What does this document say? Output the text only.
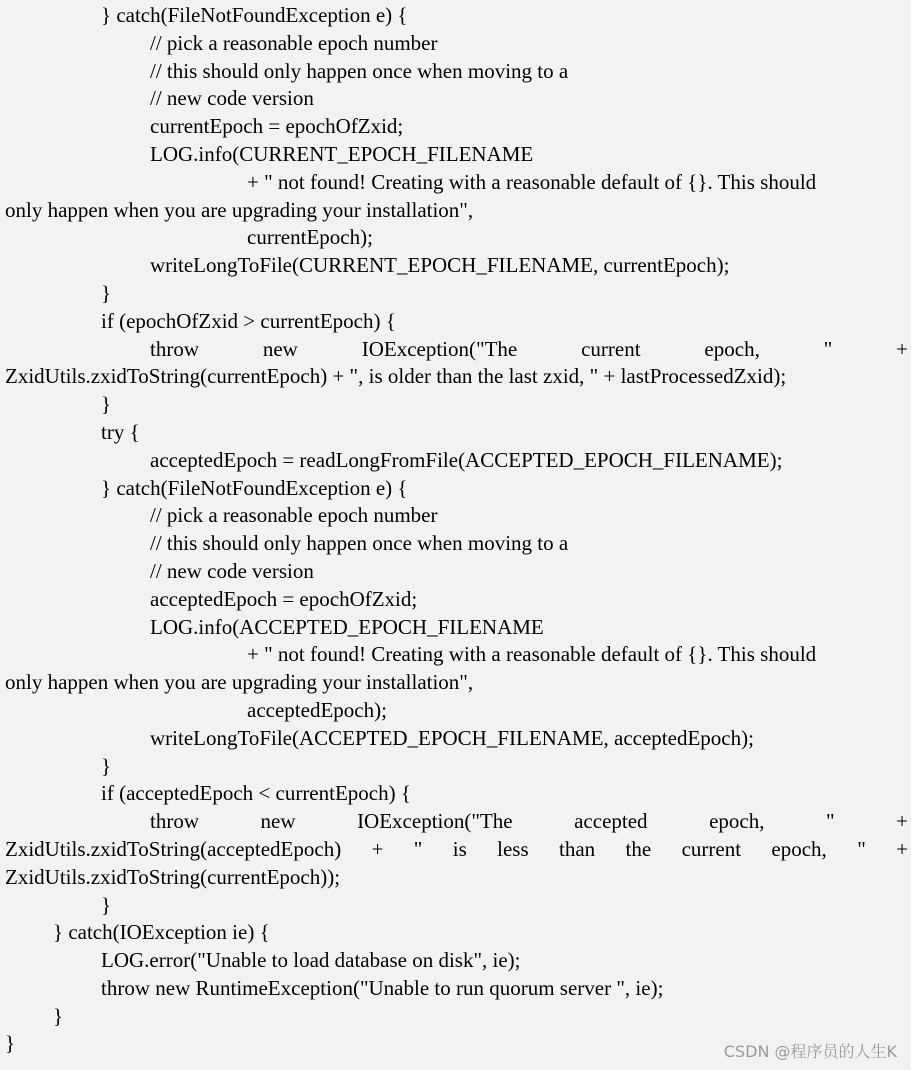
} catch(FileNotFoundException e) {
// pick a reasonable epoch number
// this should only happen once when moving to a
// new code version
currentEpoch = epochOfZxid;
LOG.info(CURRENT_EPOCH_FILENAME
+ " not found! Creating with a reasonable default of {}. This should
only happen when you are upgrading your installation",
currentEpoch);
writeLongToFile(CURRENT_EPOCH_FILENAME, currentEpoch);
}
if (epochOfZxid > currentEpoch) {
throw	new	IOException("The	current	epoch,	"	+
ZxidUtils.zxidToString(currentEpoch) + ", is older than the last zxid, " + lastProcessedZxid);
}
try {
acceptedEpoch = readLongFromFile(ACCEPTED_EPOCH_FILENAME);
} catch(FileNotFoundException e) {
// pick a reasonable epoch number
// this should only happen once when moving to a
// new code version
acceptedEpoch = epochOfZxid;
LOG.info(ACCEPTED_EPOCH_FILENAME
+ " not found! Creating with a reasonable default of {}. This should
only happen when you are upgrading your installation",
acceptedEpoch);
writeLongToFile(ACCEPTED_EPOCH_FILENAME, acceptedEpoch);
}
if (acceptedEpoch < currentEpoch) {
throw	new	IOException("The	accepted	epoch,	"	+
ZxidUtils.zxidToString(acceptedEpoch) + " is less than the current epoch, " +
ZxidUtils.zxidToString(currentEpoch));
}
} catch(IOException ie) {
LOG.error("Unable to load database on disk", ie);
throw new RuntimeException("Unable to run quorum server ", ie);
}
}	CSDN @程序员的人生K
